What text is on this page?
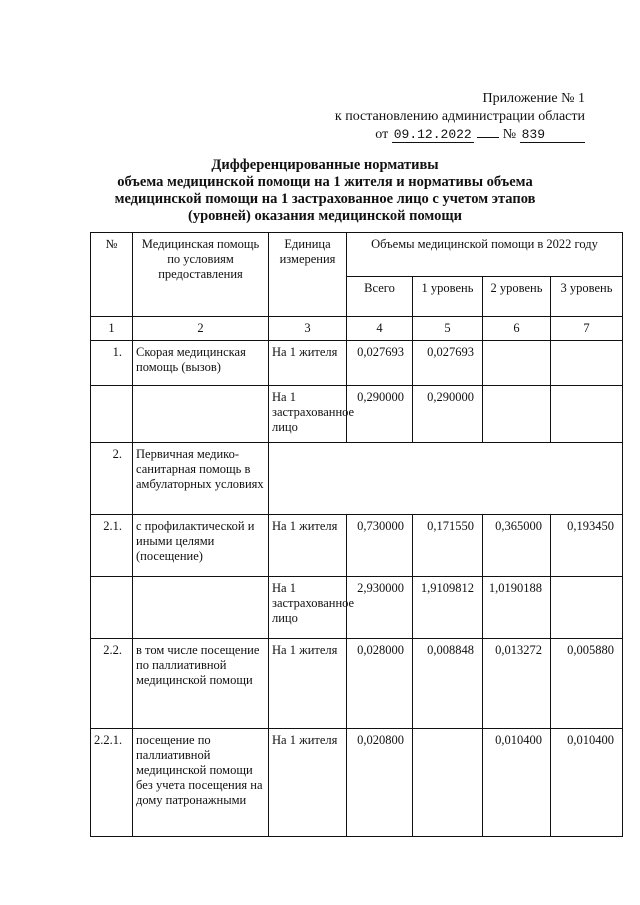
Приложение № 1
к постановлению администрации области
от 09.12.2022 № 839
Дифференцированные нормативы
объема медицинской помощи на 1 жителя и нормативы объема
медицинской помощи на 1 застрахованное лицо с учетом этапов
(уровней) оказания медицинской помощи
№	Медицинская помощь по условиям предоставления	Единица измерения	Объемы медицинской помощи в 2022 году			
			Всего	1 уровень	2 уровень	3 уровень
1	2	3	4	5	6	7
1.	Скорая медицинская помощь (вызов)	На 1 жителя	0,027693	0,027693		
		На 1 застрахованное лицо	0,290000	0,290000		
2.	Первичная медико-санитарная помощь в амбулаторных условиях					
2.1.	с профилактической и иными целями (посещение)	На 1 жителя	0,730000	0,171550	0,365000	0,193450
		На 1 застрахованное лицо	2,930000	1,9109812	1,0190188	
2.2.	в том числе посещение по паллиативной медицинской помощи	На 1 жителя	0,028000	0,008848	0,013272	0,005880
2.2.1.	посещение по паллиативной медицинской помощи без учета посещения на дому патронажными	На 1 жителя	0,020800		0,010400	0,010400
